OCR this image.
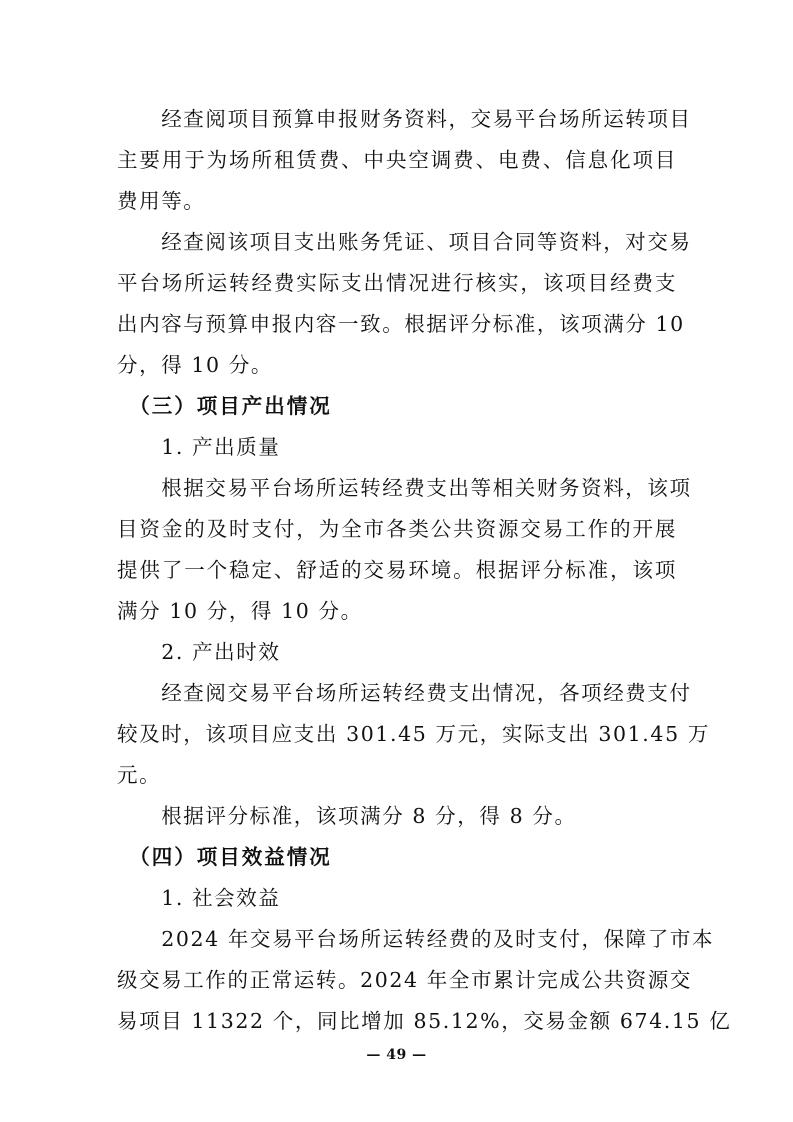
　　经查阅项目预算申报财务资料，交易平台场所运转项目
主要用于为场所租赁费、中央空调费、电费、信息化项目
费用等。
　　经查阅该项目支出账务凭证、项目合同等资料，对交易
平台场所运转经费实际支出情况进行核实，该项目经费支
出内容与预算申报内容一致。根据评分标准，该项满分 10
分，得 10 分。
　（三）项目产出情况
　　1. 产出质量
　　根据交易平台场所运转经费支出等相关财务资料，该项
目资金的及时支付，为全市各类公共资源交易工作的开展
提供了一个稳定、舒适的交易环境。根据评分标准，该项
满分 10 分，得 10 分。
　　2. 产出时效
　　经查阅交易平台场所运转经费支出情况，各项经费支付
较及时，该项目应支出 301.45 万元，实际支出 301.45 万
元。
　　根据评分标准，该项满分 8 分，得 8 分。
　（四）项目效益情况
　　1. 社会效益
　　2024 年交易平台场所运转经费的及时支付，保障了市本
级交易工作的正常运转。2024 年全市累计完成公共资源交
易项目 11322 个，同比增加 85.12%，交易金额 674.15 亿
— 49 —
